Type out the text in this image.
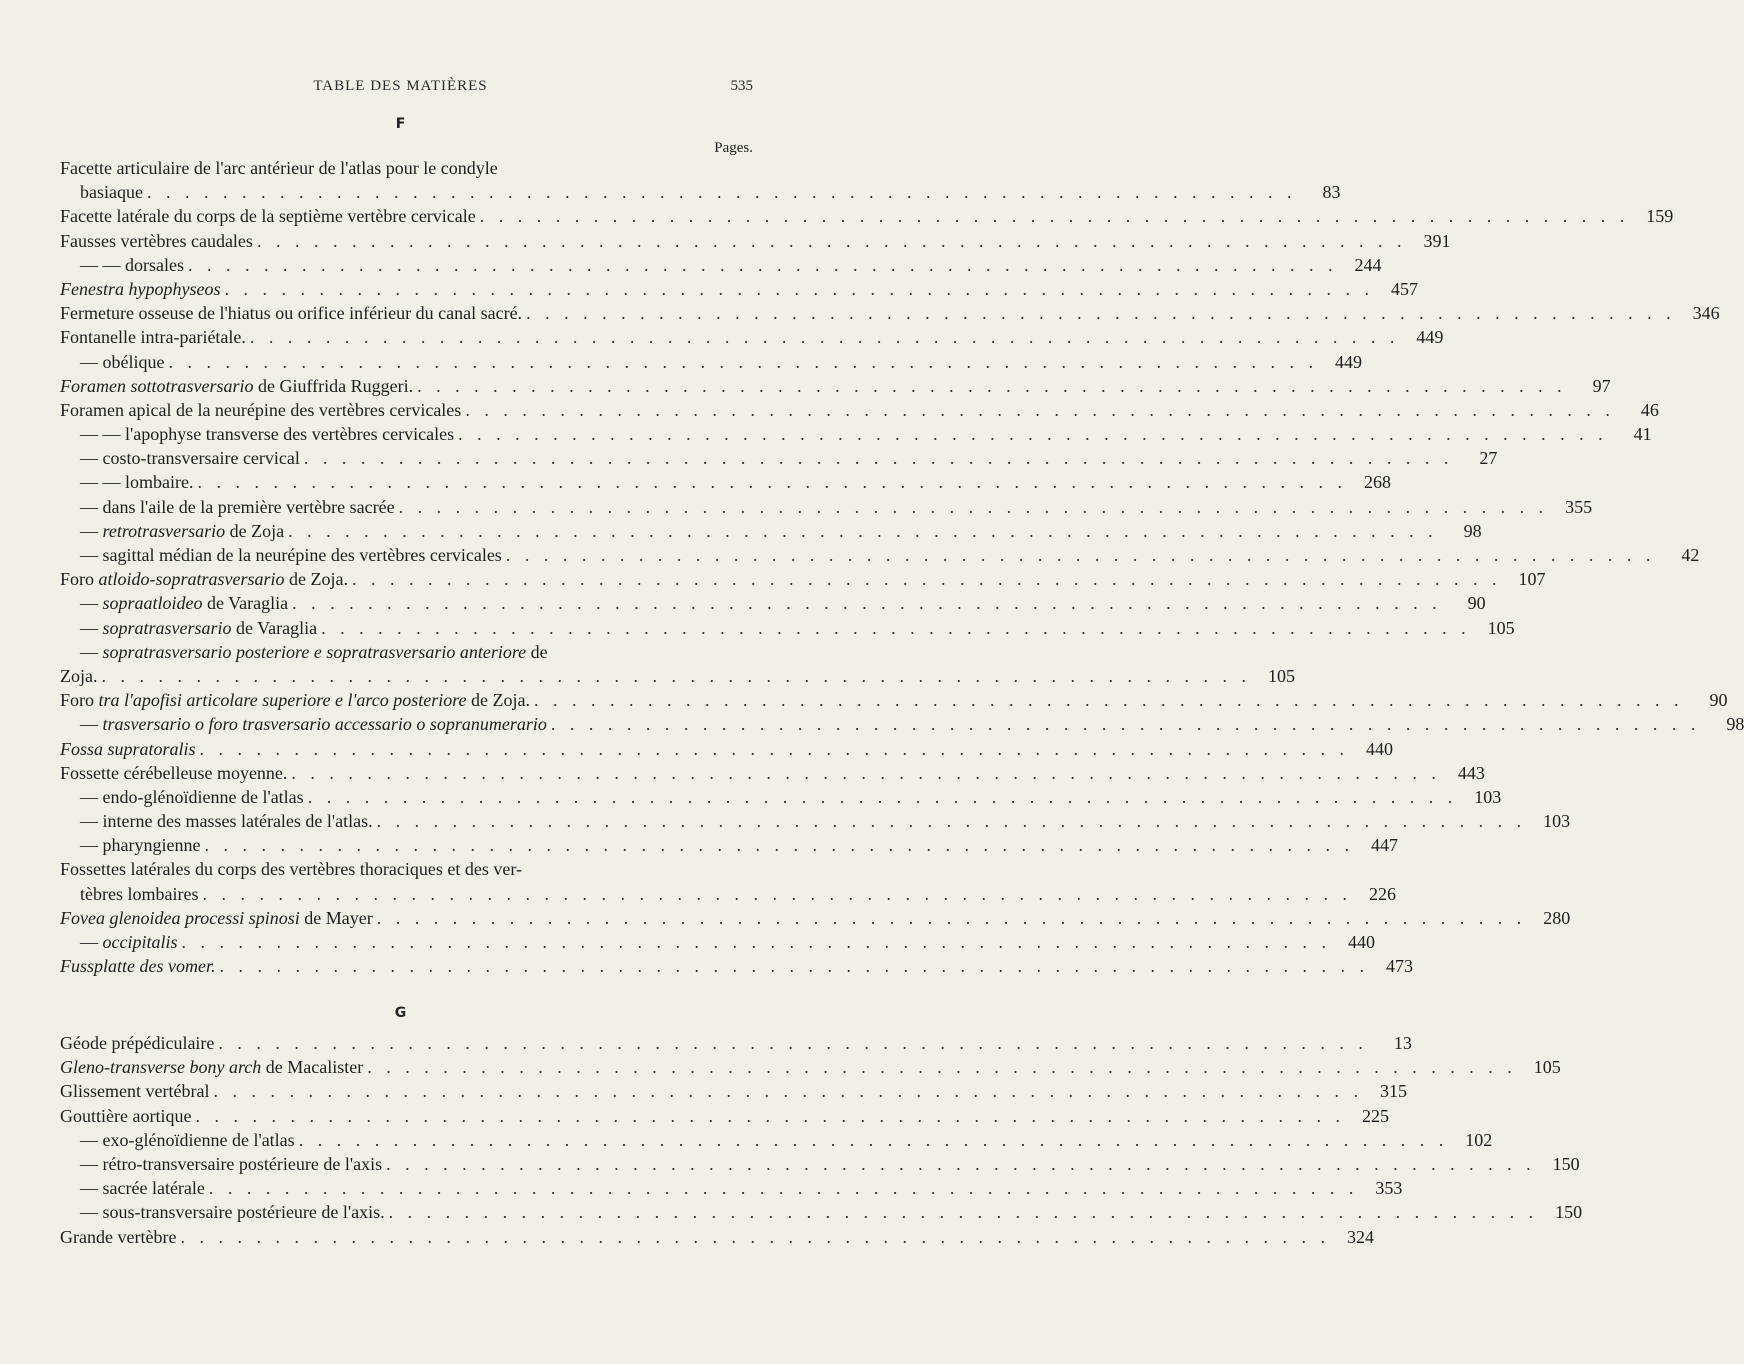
TABLE DES MATIÈRES	535
F
Pages.
Facette articulaire de l'arc antérieur de l'atlas pour le condyle
basiaque . . . . . . . . . . . . . . . . . . . . . . . . . . . . . . . . . . . . . . . . . . . . . . . . . . . . . . . . . . . . .	83
Facette latérale du corps de la septième vertèbre cervicale . . . . . . . . . . . . . . . . . . . . . . . . . . . . . . . . . . . . . . . . . . . . . . . . . . . . . . . . . . . . . 159
Fausses vertèbres caudales . . . . . . . . . . . . . . . . . . . . . . . . . . . . . . . . . . . . . . . . . . . . . . . . . . . . . . . . . . . . . 391
— — dorsales . . . . . . . . . . . . . . . . . . . . . . . . . . . . . . . . . . . . . . . . . . . . . . . . . . . . . . . . . . . . . 244
Fenestra hypophyseos . . . . . . . . . . . . . . . . . . . . . . . . . . . . . . . . . . . . . . . . . . . . . . . . . . . . . . . . . . . . . 457
Fermeture osseuse de l'hiatus ou orifice inférieur du canal sacré. . . . . . . . . . . . . . . . . . . . . . . . . . . . . . . . . . . . . . . . . . . . . . . . . . . . . . . . . . . . . . 346
Fontanelle intra-pariétale. . . . . . . . . . . . . . . . . . . . . . . . . . . . . . . . . . . . . . . . . . . . . . . . . . . . . . . . . . . . . . 449
— obélique . . . . . . . . . . . . . . . . . . . . . . . . . . . . . . . . . . . . . . . . . . . . . . . . . . . . . . . . . . . . . 449
Foramen sottotrasversario de Giuffrida Ruggeri. . . . . . . . . . . . . . . . . . . . . . . . . . . . . . . . . . . . . . . . . . . . . . . . . . . . . . . . . . . . . .	97
Foramen apical de la neurépine des vertèbres cervicales . . . . . . . . . . . . . . . . . . . . . . . . . . . . . . . . . . . . . . . . . . . . . . . . . . . . . . . . . . . . .	46
— — l'apophyse transverse des vertèbres cervicales . . . . . . . . . . . . . . . . . . . . . . . . . . . . . . . . . . . . . . . . . . . . . . . . . . . . . . . . . . . . .	41
— costo-transversaire cervical . . . . . . . . . . . . . . . . . . . . . . . . . . . . . . . . . . . . . . . . . . . . . . . . . . . . . . . . . . . . .	27
— — lombaire. . . . . . . . . . . . . . . . . . . . . . . . . . . . . . . . . . . . . . . . . . . . . . . . . . . . . . . . . . . . . . 268
— dans l'aile de la première vertèbre sacrée . . . . . . . . . . . . . . . . . . . . . . . . . . . . . . . . . . . . . . . . . . . . . . . . . . . . . . . . . . . . . 355
— retrotrasversario de Zoja . . . . . . . . . . . . . . . . . . . . . . . . . . . . . . . . . . . . . . . . . . . . . . . . . . . . . . . . . . . . .	98
— sagittal médian de la neurépine des vertèbres cervicales . . . . . . . . . . . . . . . . . . . . . . . . . . . . . . . . . . . . . . . . . . . . . . . . . . . . . . . . . . . . .	42
Foro atloido-sopratrasversario de Zoja. . . . . . . . . . . . . . . . . . . . . . . . . . . . . . . . . . . . . . . . . . . . . . . . . . . . . . . . . . . . . . 107
— sopraatloideo de Varaglia . . . . . . . . . . . . . . . . . . . . . . . . . . . . . . . . . . . . . . . . . . . . . . . . . . . . . . . . . . . . .	90
— sopratrasversario de Varaglia . . . . . . . . . . . . . . . . . . . . . . . . . . . . . . . . . . . . . . . . . . . . . . . . . . . . . . . . . . . . . 105
— sopratrasversario posteriore e sopratrasversario anteriore de
Zoja. . . . . . . . . . . . . . . . . . . . . . . . . . . . . . . . . . . . . . . . . . . . . . . . . . . . . . . . . . . . . . 105
Foro tra l'apofisi articolare superiore e l'arco posteriore de Zoja. . . . . . . . . . . . . . . . . . . . . . . . . . . . . . . . . . . . . . . . . . . . . . . . . . . . . . . . . . . . . .	90
— trasversario o foro trasversario accessario o sopranumerario . . . . . . . . . . . . . . . . . . . . . . . . . . . . . . . . . . . . . . . . . . . . . . . . . . . . . . . . . . . . .	98
Fossa supratoralis . . . . . . . . . . . . . . . . . . . . . . . . . . . . . . . . . . . . . . . . . . . . . . . . . . . . . . . . . . . . . 440
Fossette cérébelleuse moyenne. . . . . . . . . . . . . . . . . . . . . . . . . . . . . . . . . . . . . . . . . . . . . . . . . . . . . . . . . . . . . . 443
— endo-glénoïdienne de l'atlas . . . . . . . . . . . . . . . . . . . . . . . . . . . . . . . . . . . . . . . . . . . . . . . . . . . . . . . . . . . . . 103
— interne des masses latérales de l'atlas. . . . . . . . . . . . . . . . . . . . . . . . . . . . . . . . . . . . . . . . . . . . . . . . . . . . . . . . . . . . . . 103
— pharyngienne . . . . . . . . . . . . . . . . . . . . . . . . . . . . . . . . . . . . . . . . . . . . . . . . . . . . . . . . . . . . . 447
Fossettes latérales du corps des vertèbres thoraciques et des ver-
tèbres lombaires . . . . . . . . . . . . . . . . . . . . . . . . . . . . . . . . . . . . . . . . . . . . . . . . . . . . . . . . . . . . . 226
Fovea glenoidea processi spinosi de Mayer . . . . . . . . . . . . . . . . . . . . . . . . . . . . . . . . . . . . . . . . . . . . . . . . . . . . . . . . . . . . . 280
— occipitalis . . . . . . . . . . . . . . . . . . . . . . . . . . . . . . . . . . . . . . . . . . . . . . . . . . . . . . . . . . . . . 440
Fussplatte des vomer. . . . . . . . . . . . . . . . . . . . . . . . . . . . . . . . . . . . . . . . . . . . . . . . . . . . . . . . . . . . . . 473
G
Géode prépédiculaire . . . . . . . . . . . . . . . . . . . . . . . . . . . . . . . . . . . . . . . . . . . . . . . . . . . . . . . . . . . . .	13
Gleno-transverse bony arch de Macalister . . . . . . . . . . . . . . . . . . . . . . . . . . . . . . . . . . . . . . . . . . . . . . . . . . . . . . . . . . . . . 105
Glissement vertébral . . . . . . . . . . . . . . . . . . . . . . . . . . . . . . . . . . . . . . . . . . . . . . . . . . . . . . . . . . . . . 315
Gouttière aortique . . . . . . . . . . . . . . . . . . . . . . . . . . . . . . . . . . . . . . . . . . . . . . . . . . . . . . . . . . . . . 225
— exo-glénoïdienne de l'atlas . . . . . . . . . . . . . . . . . . . . . . . . . . . . . . . . . . . . . . . . . . . . . . . . . . . . . . . . . . . . . 102
— rétro-transversaire postérieure de l'axis . . . . . . . . . . . . . . . . . . . . . . . . . . . . . . . . . . . . . . . . . . . . . . . . . . . . . . . . . . . . . 150
— sacrée latérale . . . . . . . . . . . . . . . . . . . . . . . . . . . . . . . . . . . . . . . . . . . . . . . . . . . . . . . . . . . . . 353
— sous-transversaire postérieure de l'axis. . . . . . . . . . . . . . . . . . . . . . . . . . . . . . . . . . . . . . . . . . . . . . . . . . . . . . . . . . . . . . 150
Grande vertèbre . . . . . . . . . . . . . . . . . . . . . . . . . . . . . . . . . . . . . . . . . . . . . . . . . . . . . . . . . . . . . 324
